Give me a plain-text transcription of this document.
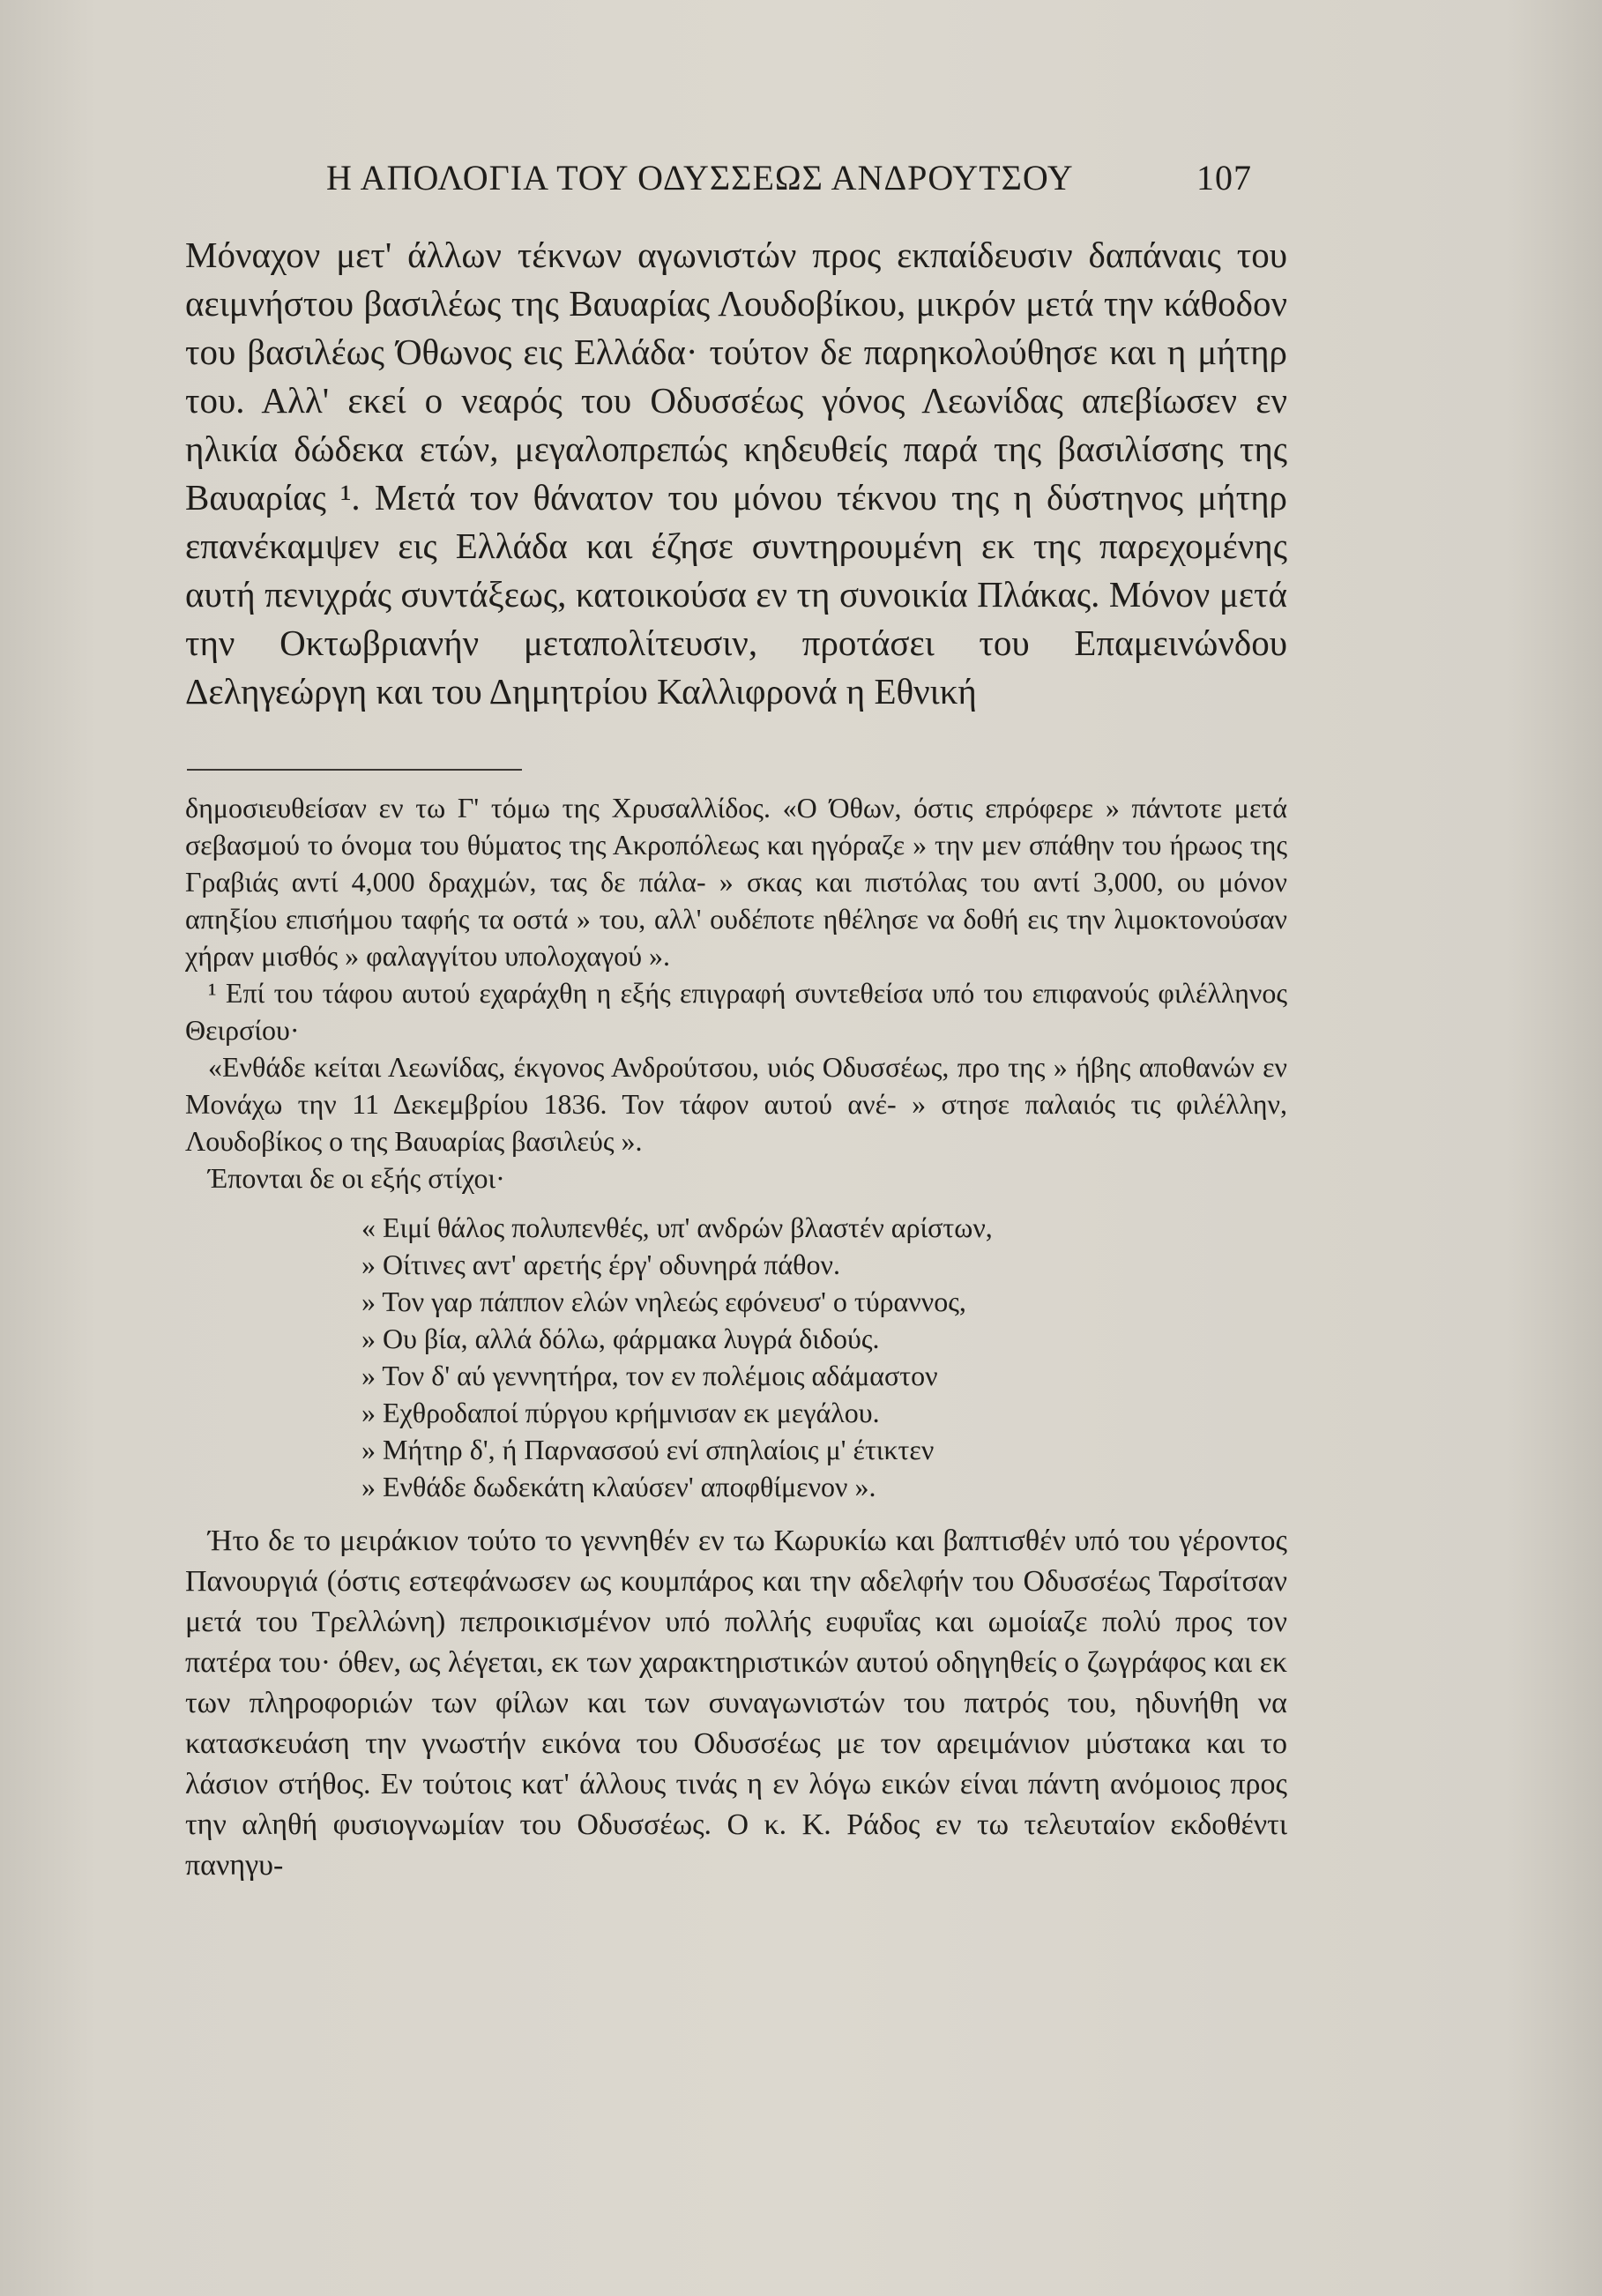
Η ΑΠΟΛΟΓΙΑ ΤΟΥ ΟΔΥΣΣΕΩΣ ΑΝΔΡΟΥΤΣΟΥ	107

Μόναχον μετ' άλλων τέκνων αγωνιστών προς εκπαίδευσιν δαπάναις του αειμνήστου βασιλέως της Βαυαρίας Λουδοβίκου, μικρόν μετά την κάθοδον του βασιλέως Όθωνος εις Ελλάδα· τούτον δε παρηκολούθησε και η μήτηρ του. Αλλ' εκεί ο νεαρός του Οδυσσέως γόνος Λεωνίδας απεβίωσεν εν ηλικία δώδεκα ετών, μεγαλοπρεπώς κηδευθείς παρά της βασιλίσσης της Βαυαρίας ¹. Μετά τον θάνατον του μόνου τέκνου της η δύστηνος μήτηρ επανέκαμψεν εις Ελλάδα και έζησε συντηρουμένη εκ της παρεχομένης αυτή πενιχράς συντάξεως, κατοικούσα εν τη συνοικία Πλάκας. Μόνον μετά την Οκτωβριανήν μεταπολίτευσιν, προτάσει του Επαμεινώνδου Δεληγεώργη και του Δημητρίου Καλλιφρονά η Εθνική

δημοσιευθείσαν εν τω Γ' τόμω της Χρυσαλλίδος. «Ο Όθων, όστις επρόφερε » πάντοτε μετά σεβασμού το όνομα του θύματος της Ακροπόλεως και ηγόραζε » την μεν σπάθην του ήρωος της Γραβιάς αντί 4,000 δραχμών, τας δε πάλα- » σκας και πιστόλας του αντί 3,000, ου μόνον απηξίου επισήμου ταφής τα οστά » του, αλλ' ουδέποτε ηθέλησε να δοθή εις την λιμοκτονούσαν χήραν μισθός » φαλαγγίτου υπολοχαγού ».

¹ Επί του τάφου αυτού εχαράχθη η εξής επιγραφή συντεθείσα υπό του επιφανούς φιλέλληνος Θειρσίου·

«Ενθάδε κείται Λεωνίδας, έκγονος Ανδρούτσου, υιός Οδυσσέως, προ της » ήβης αποθανών εν Μονάχω την 11 Δεκεμβρίου 1836. Τον τάφον αυτού ανέ- » στησε παλαιός τις φιλέλλην, Λουδοβίκος ο της Βαυαρίας βασιλεύς ».

Έπονται δε οι εξής στίχοι·

« Ειμί θάλος πολυπενθές, υπ' ανδρών βλαστέν αρίστων,
» Οίτινες αντ' αρετής έργ' οδυνηρά πάθον.
» Τον γαρ πάππον ελών νηλεώς εφόνευσ' ο τύραννος,
» Ου βία, αλλά δόλω, φάρμακα λυγρά διδούς.
» Τον δ' αύ γεννητήρα, τον εν πολέμοις αδάμαστον
» Εχθροδαποί πύργου κρήμνισαν εκ μεγάλου.
» Μήτηρ δ', ή Παρνασσού ενί σπηλαίοις μ' έτικτεν
» Ενθάδε δωδεκάτη κλαύσεν' αποφθίμενον ».

Ήτο δε το μειράκιον τούτο το γεννηθέν εν τω Κωρυκίω και βαπτισθέν υπό του γέροντος Πανουργιά (όστις εστεφάνωσεν ως κουμπάρος και την αδελφήν του Οδυσσέως Ταρσίτσαν μετά του Τρελλώνη) πεπροικισμένον υπό πολλής ευφυΐας και ωμοίαζε πολύ προς τον πατέρα του· όθεν, ως λέγεται, εκ των χαρακτηριστικών αυτού οδηγηθείς ο ζωγράφος και εκ των πληροφοριών των φίλων και των συναγωνιστών του πατρός του, ηδυνήθη να κατασκευάση την γνωστήν εικόνα του Οδυσσέως με τον αρειμάνιον μύστακα και το λάσιον στήθος. Εν τούτοις κατ' άλλους τινάς η εν λόγω εικών είναι πάντη ανόμοιος προς την αληθή φυσιογνωμίαν του Οδυσσέως. Ο κ. Κ. Ράδος εν τω τελευταίον εκδοθέντι πανηγυ-
